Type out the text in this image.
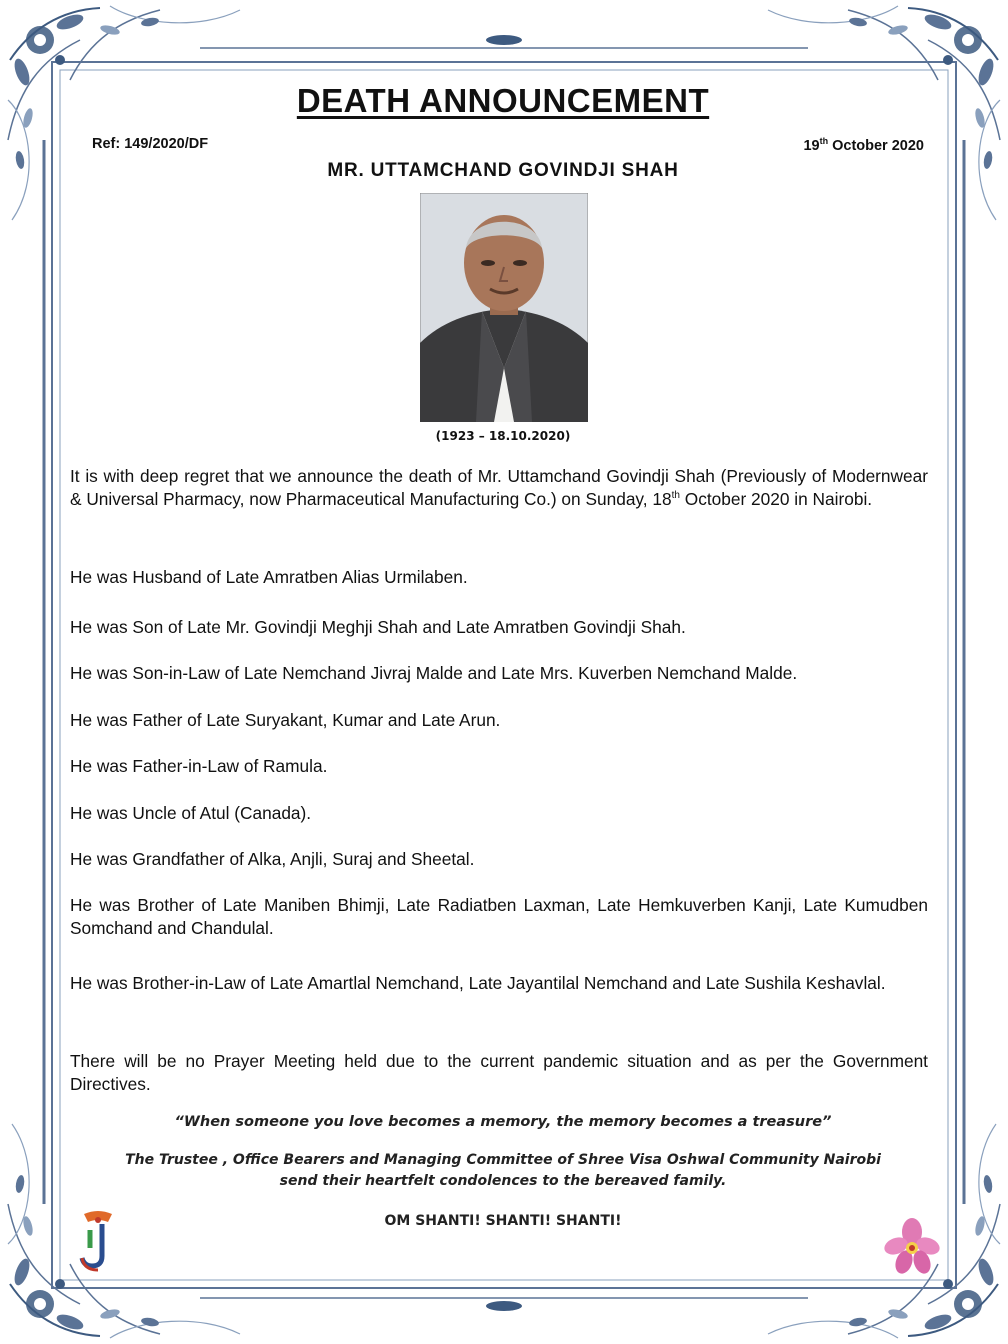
DEATH ANNOUNCEMENT
Ref: 149/2020/DF	19th October 2020
MR. UTTAMCHAND GOVINDJI SHAH
(1923 – 18.10.2020)
It is with deep regret that we announce the death of Mr. Uttamchand Govindji Shah (Previously of Modernwear & Universal Pharmacy, now Pharmaceutical Manufacturing Co.) on Sunday, 18th October 2020 in Nairobi.
He was Husband of Late Amratben Alias Urmilaben.
He was Son of Late Mr. Govindji Meghji Shah and Late Amratben Govindji Shah.
He was Son-in-Law of Late Nemchand Jivraj Malde and Late Mrs. Kuverben Nemchand Malde.
He was Father of Late Suryakant, Kumar and Late Arun.
He was Father-in-Law of Ramula.
He was Uncle of Atul (Canada).
He was Grandfather of Alka, Anjli, Suraj and Sheetal.
He was Brother of Late Maniben Bhimji, Late Radiatben Laxman, Late Hemkuverben Kanji, Late Kumudben Somchand and Chandulal.
He was Brother-in-Law of Late Amartlal Nemchand, Late Jayantilal Nemchand and Late Sushila Keshavlal.
There will be no Prayer Meeting held due to the current pandemic situation and as per the Government Directives.
“When someone you love becomes a memory, the memory becomes a treasure”
The Trustee , Office Bearers and Managing Committee of Shree Visa Oshwal Community Nairobi
send their heartfelt condolences to the bereaved family.
OM SHANTI! SHANTI! SHANTI!
